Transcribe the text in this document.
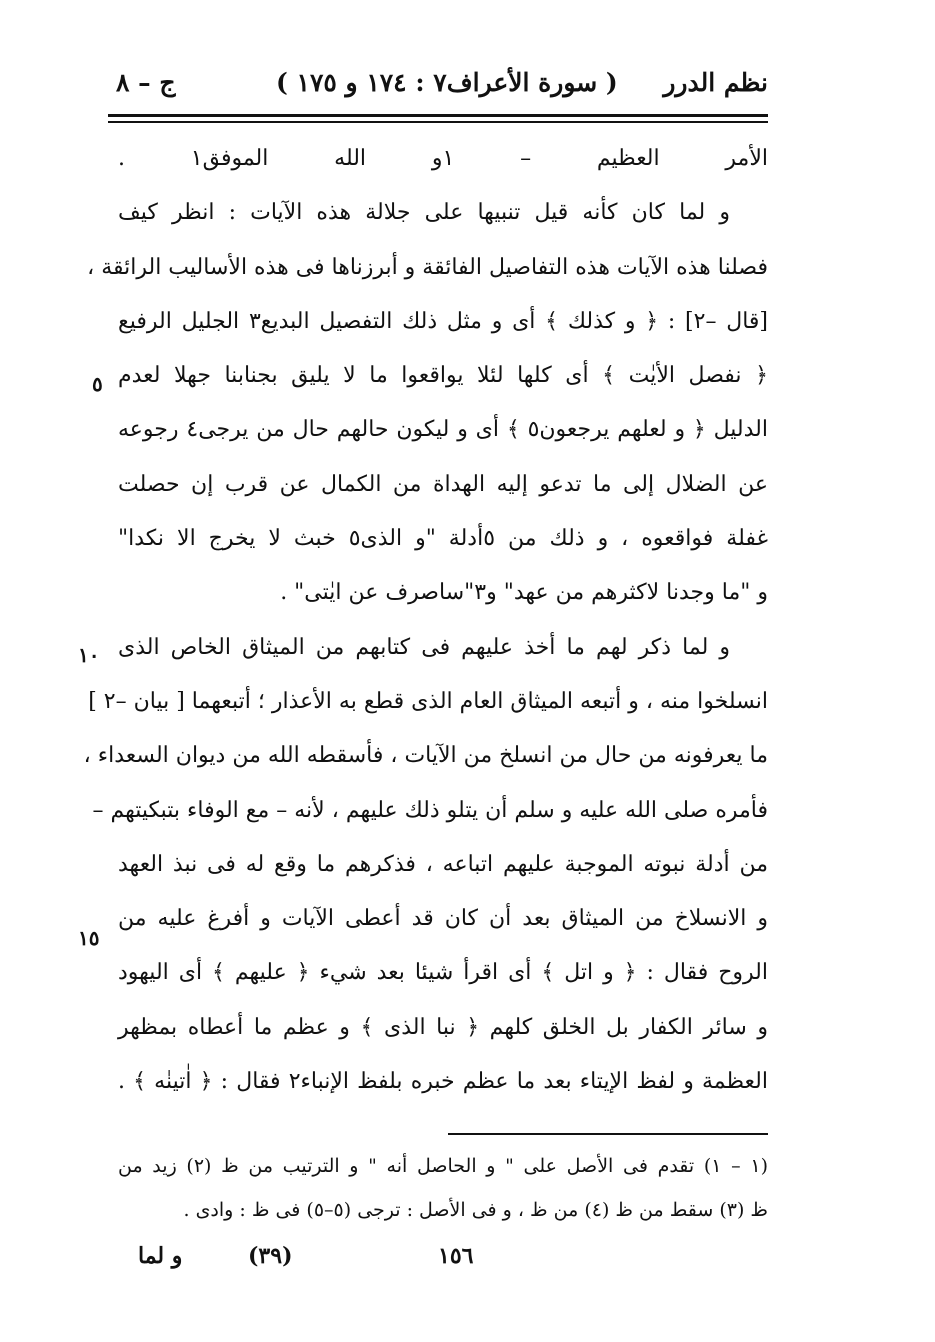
نظم الدرر
( سورة الأعراف٧ : ١٧٤ و ١٧٥ )
ج – ٨
الأمر العظيم – ١و الله الموفق١ .
و لما كان كأنه قيل تنبيها على جلالة هذه الآيات : انظر كيف
فصلنا هذه الآيات هذه التفاصيل الفائقة و أبرزناها فى هذه الأساليب الرائقة ،
[قال –٢] : ﴿ و كذلك ﴾ أى و مثل ذلك التفصيل البديع٣ الجليل الرفيع
﴿ نفصل الأيٰت ﴾ أى كلها لئلا يواقعوا ما لا يليق بجنابنا جهلا لعدم
الدليل ﴿ و لعلهم يرجعون٥ ﴾ أى و ليكون حالهم حال من يرجى٤ رجوعه
عن الضلال إلى ما تدعو إليه الهداة من الكمال عن قرب إن حصلت
غفلة فواقعوه ، و ذلك من ٥أدلة "و الذى٥ خبث لا يخرج الا نكدا"
و "ما وجدنا لاكثرهم من عهد" و٣"ساصرف عن ايٰتى" .
و لما ذكر لهم ما أخذ عليهم فى كتابهم من الميثاق الخاص الذى
انسلخوا منه ، و أتبعه الميثاق العام الذى قطع به الأعذار ؛ أتبعهما [ بيان –٢ ]
ما يعرفونه من حال من انسلخ من الآيات ، فأسقطه الله من ديوان السعداء ،
فأمره صلى الله عليه و سلم أن يتلو ذلك عليهم ، لأنه – مع الوفاء بتبكيتهم –
من أدلة نبوته الموجبة عليهم اتباعه ، فذكرهم ما وقع له فى نبذ العهد
و الانسلاخ من الميثاق بعد أن كان قد أعطى الآيات و أفرغ عليه من
الروح فقال : ﴿ و اتل ﴾ أى اقرأ شيئا بعد شيء ﴿ عليهم ﴾ أى اليهود
و سائر الكفار بل الخلق كلهم ﴿ نبا الذى ﴾ و عظم ما أعطاه بمظهر
العظمة و لفظ الإيتاء بعد ما عظم خبره بلفظ الإنباء٢ فقال : ﴿ اٰتينٰه ﴾ .
٥
١٠
١٥
(١ – ١) تقدم فى الأصل على " و الحاصل أنه " و الترتيب من ظ (٢) زيد من
ظ (٣) سقط من ظ (٤) من ظ ، و فى الأصل : ترجى (٥–٥) فى ظ : وادى .
و لما	(٣٩)	١٥٦
